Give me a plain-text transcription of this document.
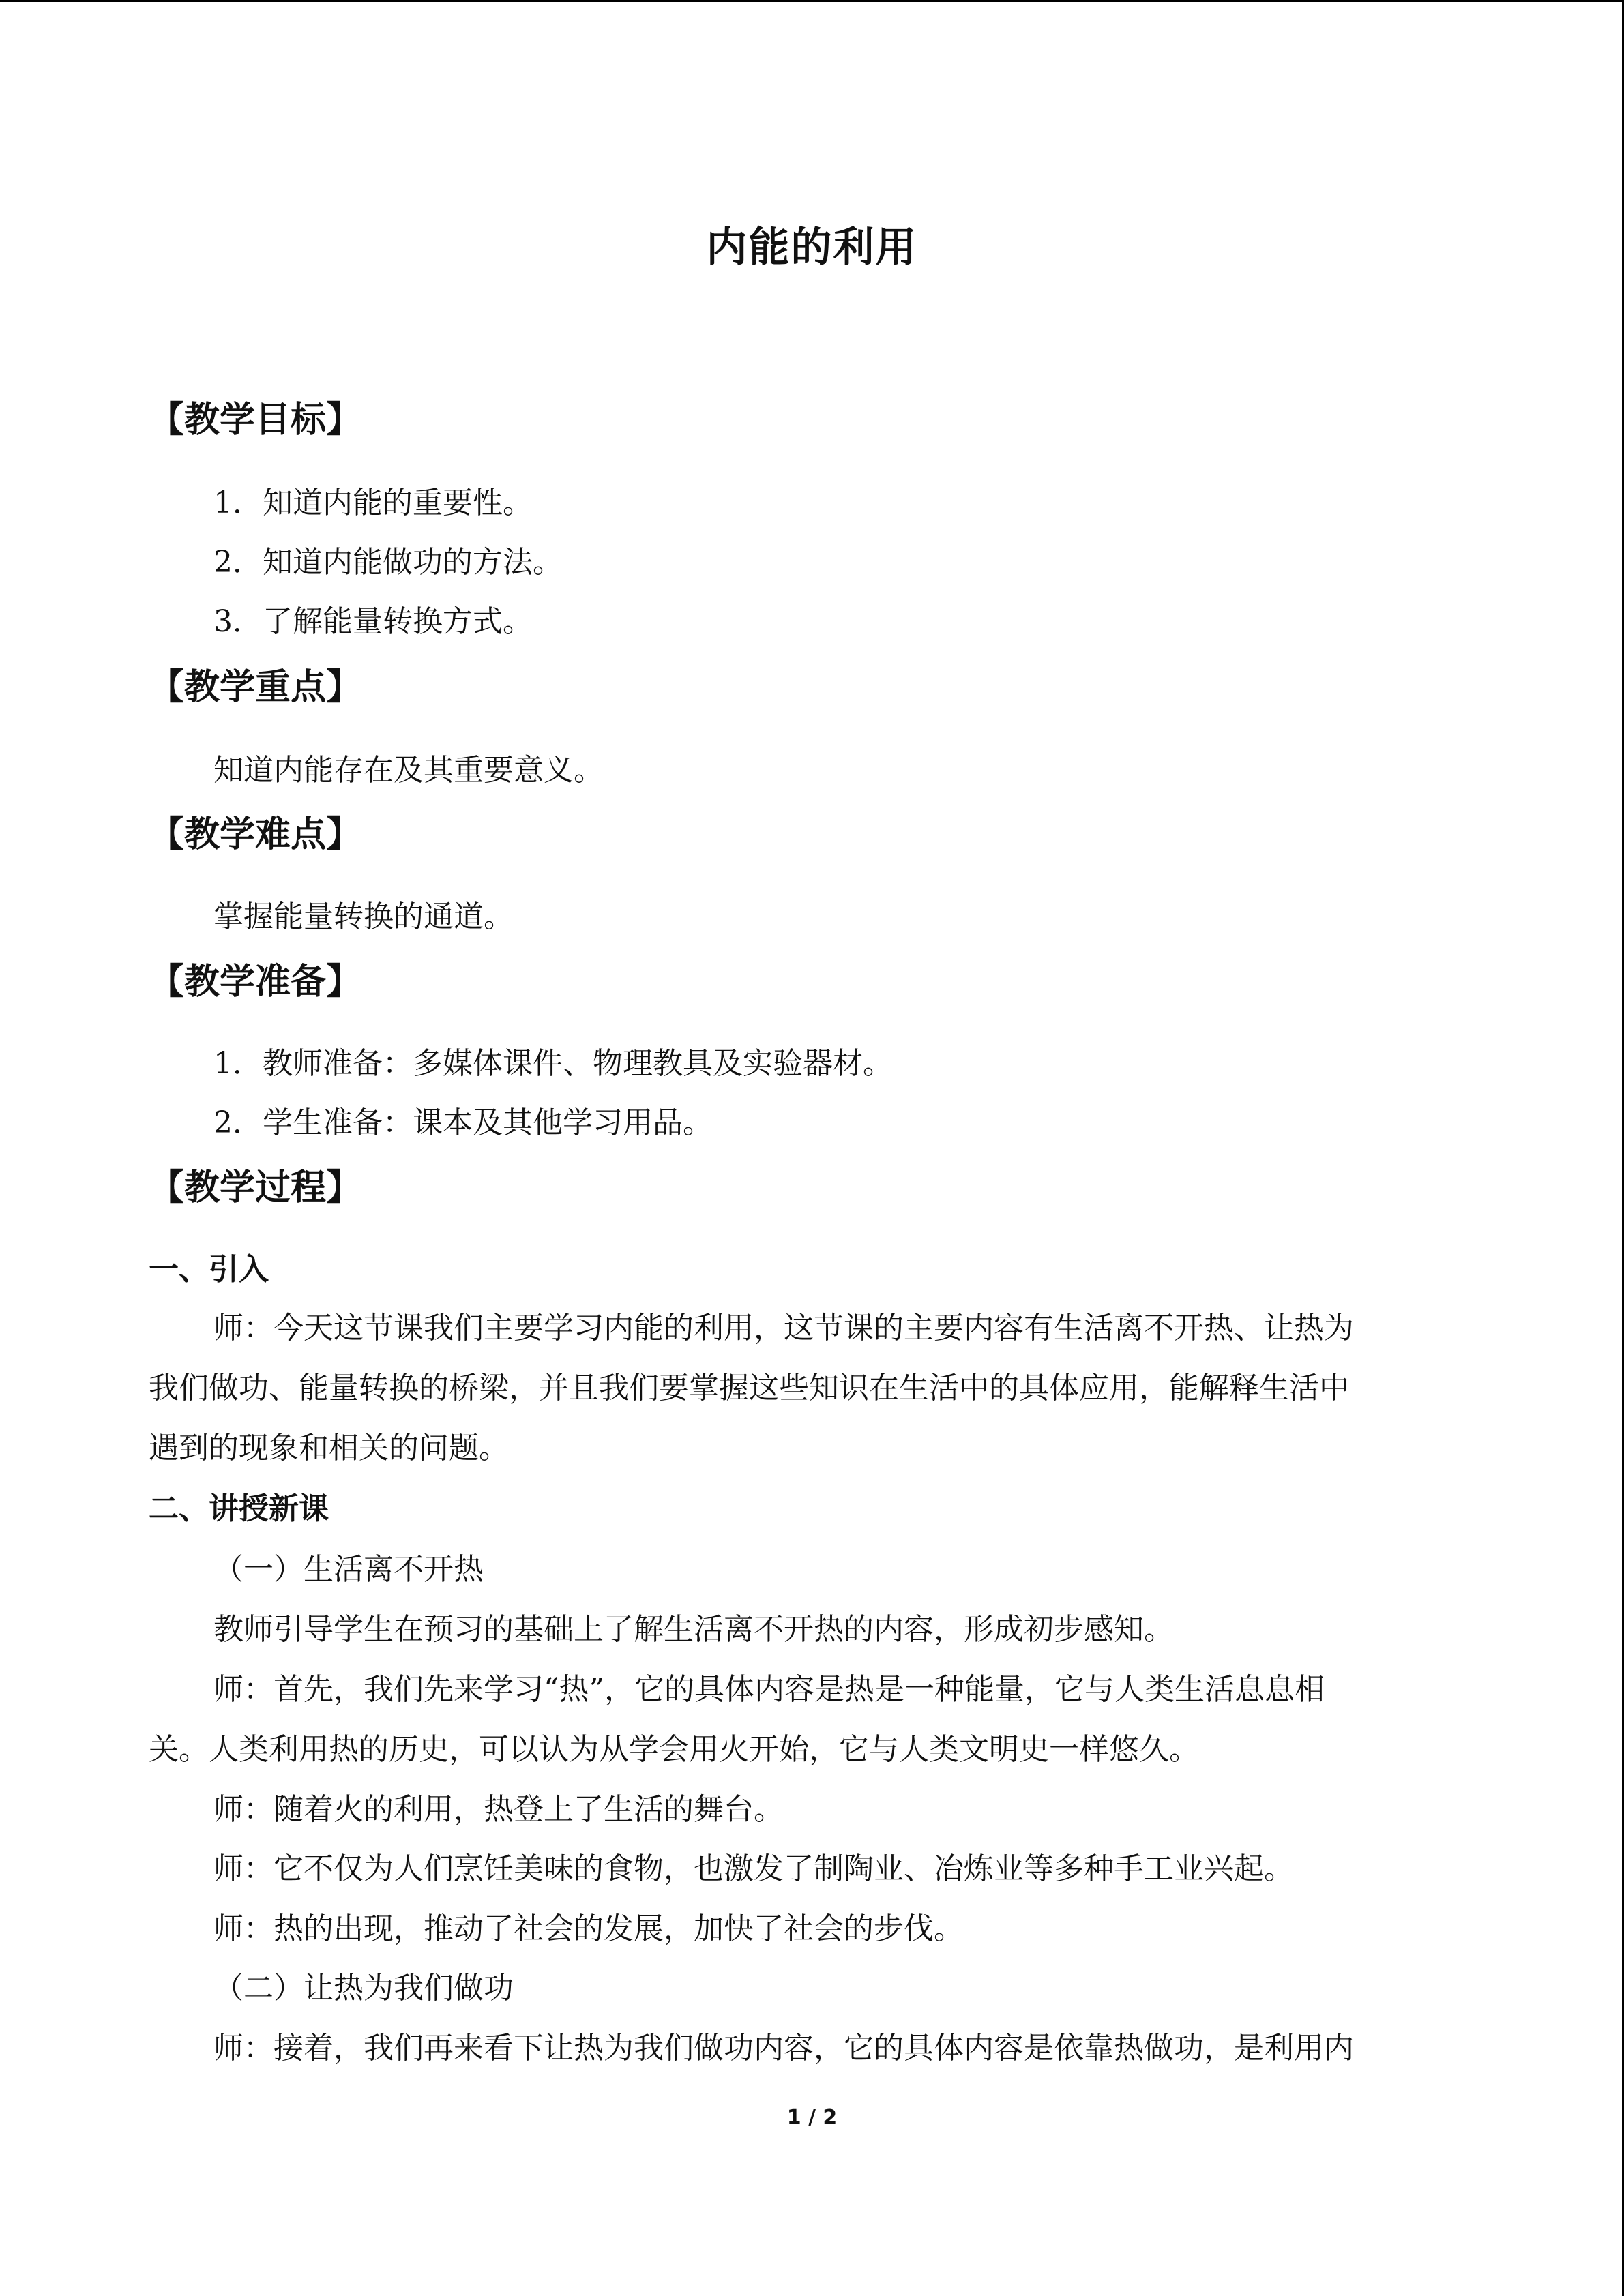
内能的利用
【教学目标】
1．知道内能的重要性。
2．知道内能做功的方法。
3．了解能量转换方式。
【教学重点】
知道内能存在及其重要意义。
【教学难点】
掌握能量转换的通道。
【教学准备】
1．教师准备：多媒体课件、物理教具及实验器材。
2．学生准备：课本及其他学习用品。
【教学过程】
一、引入
师：今天这节课我们主要学习内能的利用，这节课的主要内容有生活离不开热、让热为
我们做功、能量转换的桥梁，并且我们要掌握这些知识在生活中的具体应用，能解释生活中
遇到的现象和相关的问题。
二、讲授新课
（一）生活离不开热
教师引导学生在预习的基础上了解生活离不开热的内容，形成初步感知。
师：首先，我们先来学习“热”，它的具体内容是热是一种能量，它与人类生活息息相
关。人类利用热的历史，可以认为从学会用火开始，它与人类文明史一样悠久。
师：随着火的利用，热登上了生活的舞台。
师：它不仅为人们烹饪美味的食物，也激发了制陶业、冶炼业等多种手工业兴起。
师：热的出现，推动了社会的发展，加快了社会的步伐。
（二）让热为我们做功
师：接着，我们再来看下让热为我们做功内容，它的具体内容是依靠热做功，是利用内
1 / 2
